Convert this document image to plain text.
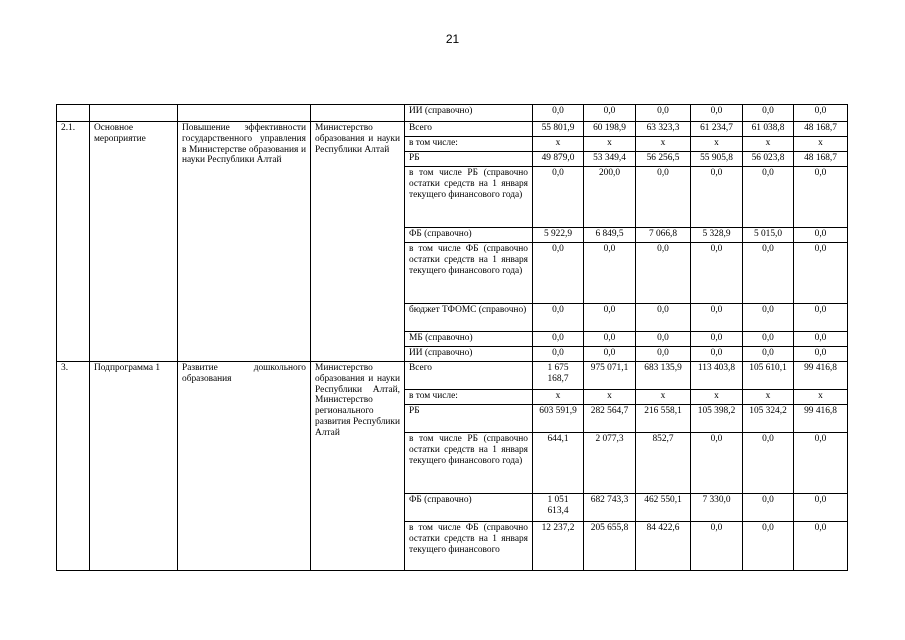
21
				ИИ (справочно)	0,0	0,0	0,0	0,0	0,0	0,0
2.1.	Основное мероприятие	Повышение эффективности государственного управления в Министерстве образования и науки Республики Алтай	Министерство образования и науки Республики Алтай	Всего	55 801,9	60 198,9	63 323,3	61 234,7	61 038,8	48 168,7
				в том числе:	x	x	x	x	x	x
				РБ	49 879,0	53 349,4	56 256,5	55 905,8	56 023,8	48 168,7
				в том числе РБ (справочно остатки средств на 1 января текущего финансового года)	0,0	200,0	0,0	0,0	0,0	0,0
				ФБ (справочно)	5 922,9	6 849,5	7 066,8	5 328,9	5 015,0	0,0
				в том числе ФБ (справочно остатки средств на 1 января текущего финансового года)	0,0	0,0	0,0	0,0	0,0	0,0
				бюджет ТФОМС (справочно)	0,0	0,0	0,0	0,0	0,0	0,0
				МБ (справочно)	0,0	0,0	0,0	0,0	0,0	0,0
				ИИ (справочно)	0,0	0,0	0,0	0,0	0,0	0,0
3.	Подпрограмма 1	Развитие дошкольного образования	Министерство образования и науки Республики Алтай, Министерство регионального развития Республики Алтай	Всего	1 675 168,7	975 071,1	683 135,9	113 403,8	105 610,1	99 416,8
				в том числе:	x	x	x	x	x	x
				РБ	603 591,9	282 564,7	216 558,1	105 398,2	105 324,2	99 416,8
				в том числе РБ (справочно остатки средств на 1 января текущего финансового года)	644,1	2 077,3	852,7	0,0	0,0	0,0
				ФБ (справочно)	1 051 613,4	682 743,3	462 550,1	7 330,0	0,0	0,0
				в том числе ФБ (справочно остатки средств на 1 января текущего финансового	12 237,2	205 655,8	84 422,6	0,0	0,0	0,0
